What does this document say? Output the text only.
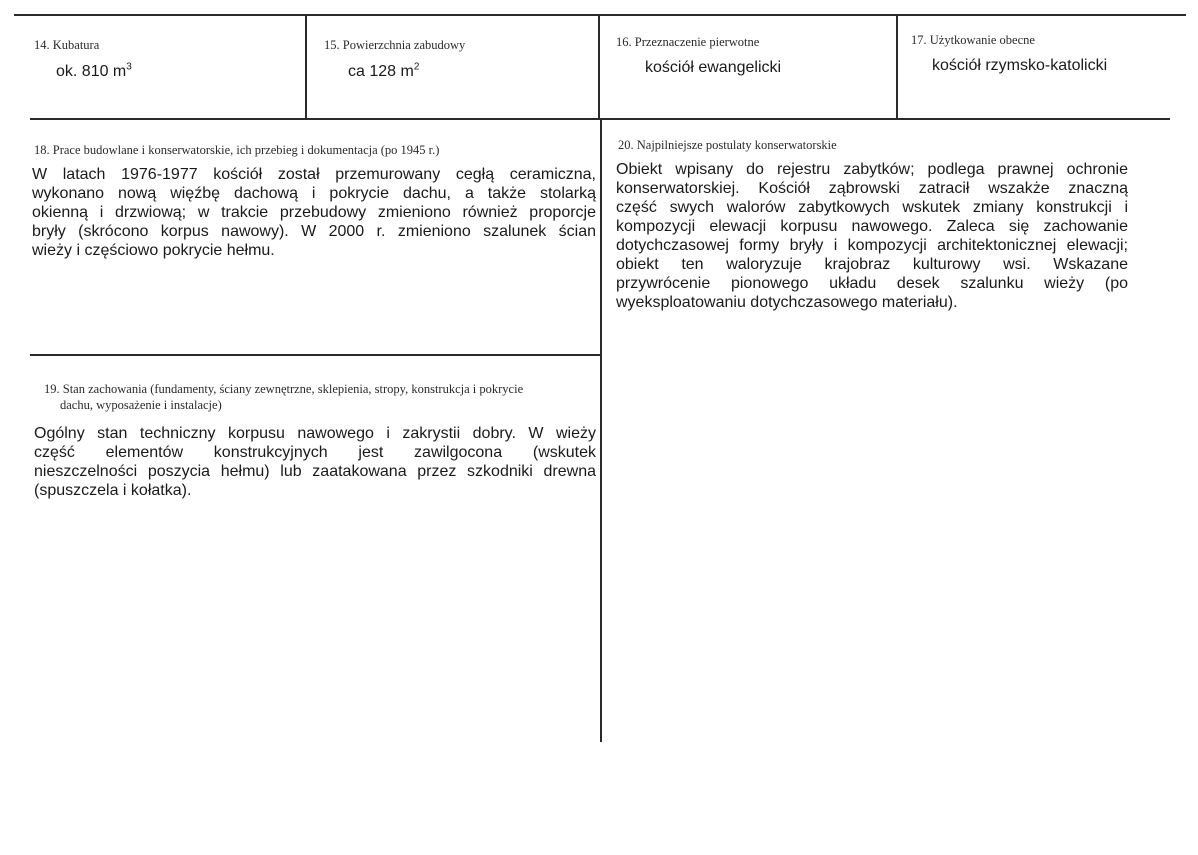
14. Kubatura
ok. 810 $m^3$
15. Powierzchnia zabudowy
ca 128 $m^2$
16. Przeznaczenie pierwotne
kościół ewangelicki
17. Użytkowanie obecne
kościół rzymsko-katolicki
18. Prace budowlane i konserwatorskie, ich przebieg i dokumentacja (po 1945 r.)
W latach 1976-1977 kościół został przemurowany cegłą ceramiczna,
wykonano nową więźbę dachową i pokrycie dachu, a także stolarką
okienną i drzwiową; w trakcie przebudowy zmieniono również proporcje
bryły (skrócono korpus nawowy). W 2000 r. zmieniono szalunek ścian
wieży i częściowo pokrycie hełmu.
20. Najpilniejsze postulaty konserwatorskie
Obiekt wpisany do rejestru zabytków; podlega prawnej ochronie
konserwatorskiej. Kościół ząbrowski zatracił wszakże znaczną
część swych walorów zabytkowych wskutek zmiany konstrukcji i
kompozycji elewacji korpusu nawowego. Zaleca się zachowanie
dotychczasowej formy bryły i kompozycji architektonicznej elewacji;
obiekt ten waloryzuje krajobraz kulturowy wsi. Wskazane
przywrócenie pionowego układu desek szalunku wieży (po
wyeksploatowaniu dotychczasowego materiału).
19. Stan zachowania (fundamenty, ściany zewnętrzne, sklepienia, stropy, konstrukcja i pokrycie
dachu, wyposażenie i instalacje)
Ogólny stan techniczny korpusu nawowego i zakrystii dobry. W wieży
część elementów konstrukcyjnych jest zawilgocona (wskutek
nieszczelności poszycia hełmu) lub zaatakowana przez szkodniki drewna
(spuszczela i kołatka).
